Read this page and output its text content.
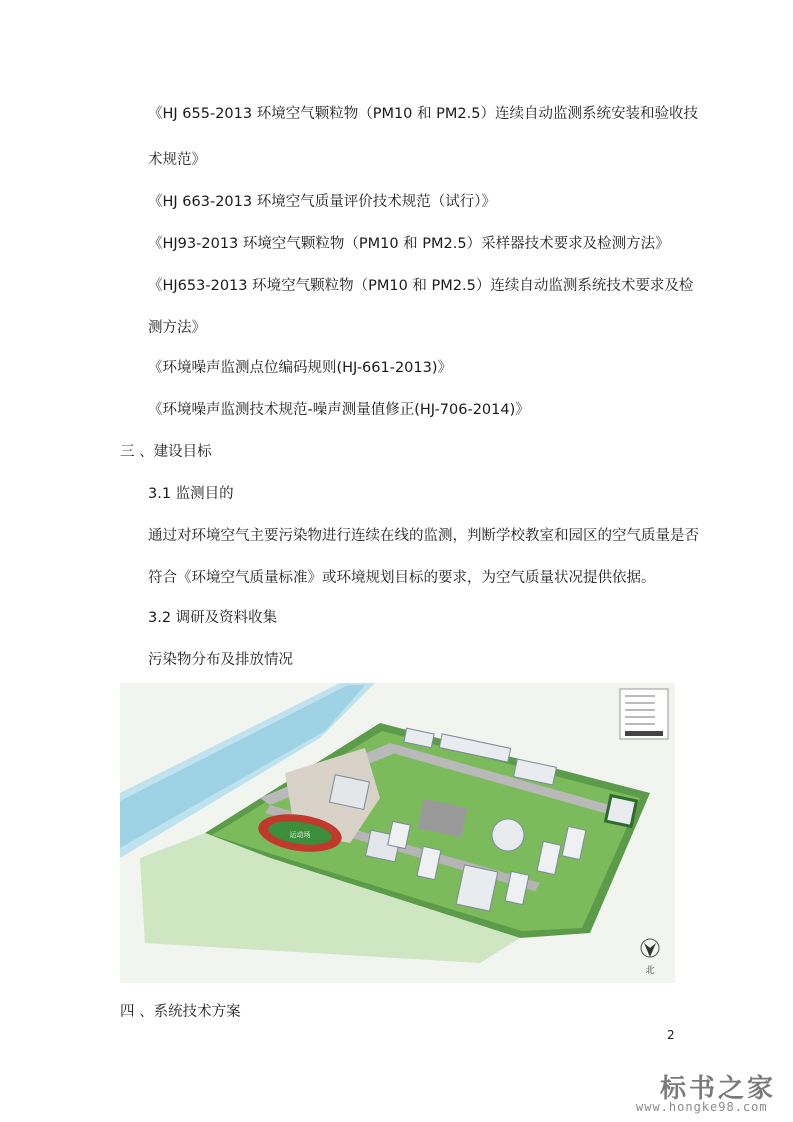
《HJ 655-2013 环境空气颗粒物（PM10 和 PM2.5）连续自动监测系统安装和验收技
术规范》
《HJ 663-2013 环境空气质量评价技术规范（试行）》
《HJ93-2013 环境空气颗粒物（PM10 和 PM2.5）采样器技术要求及检测方法》
《HJ653-2013 环境空气颗粒物（PM10 和 PM2.5）连续自动监测系统技术要求及检
测方法》
《环境噪声监测点位编码规则(HJ-661-2013)》
《环境噪声监测技术规范-噪声测量值修正(HJ-706-2014)》
三 、建设目标
3.1 监测目的
通过对环境空气主要污染物进行连续在线的监测，判断学校教室和园区的空气质量是否
符合《环境空气质量标准》或环境规划目标的要求，为空气质量状况提供依据。
3.2 调研及资料收集
污染物分布及排放情况
运动场
北
四 、系统技术方案
2
标书之家
www.hongke98.com
